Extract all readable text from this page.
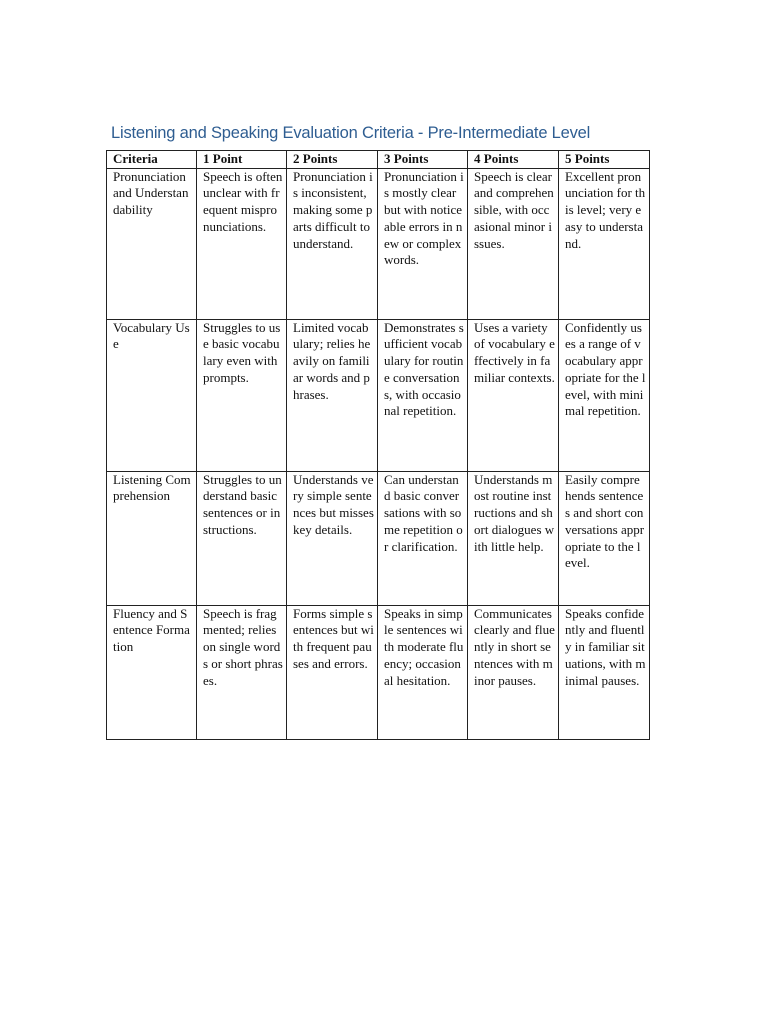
Listening and Speaking Evaluation Criteria - Pre-Intermediate Level
Criteria	1 Point	2 Points	3 Points	4 Points	5 Points
Pronunciation and Understandability	Speech is often unclear with frequent mispronunciations.	Pronunciation is inconsistent, making some parts difficult to understand.	Pronunciation is mostly clear but with noticeable errors in new or complex words.	Speech is clear and comprehensible, with occasional minor issues.	Excellent pronunciation for this level; very easy to understand.
Vocabulary Use	Struggles to use basic vocabulary even with prompts.	Limited vocabulary; relies heavily on familiar words and phrases.	Demonstrates sufficient vocabulary for routine conversations, with occasional repetition.	Uses a variety of vocabulary effectively in familiar contexts.	Confidently uses a range of vocabulary appropriate for the level, with minimal repetition.
Listening Comprehension	Struggles to understand basic sentences or instructions.	Understands very simple sentences but misses key details.	Can understand basic conversations with some repetition or clarification.	Understands most routine instructions and short dialogues with little help.	Easily comprehends sentences and short conversations appropriate to the level.
Fluency and Sentence Formation	Speech is fragmented; relies on single words or short phrases.	Forms simple sentences but with frequent pauses and errors.	Speaks in simple sentences with moderate fluency; occasional hesitation.	Communicates clearly and fluently in short sentences with minor pauses.	Speaks confidently and fluently in familiar situations, with minimal pauses.
